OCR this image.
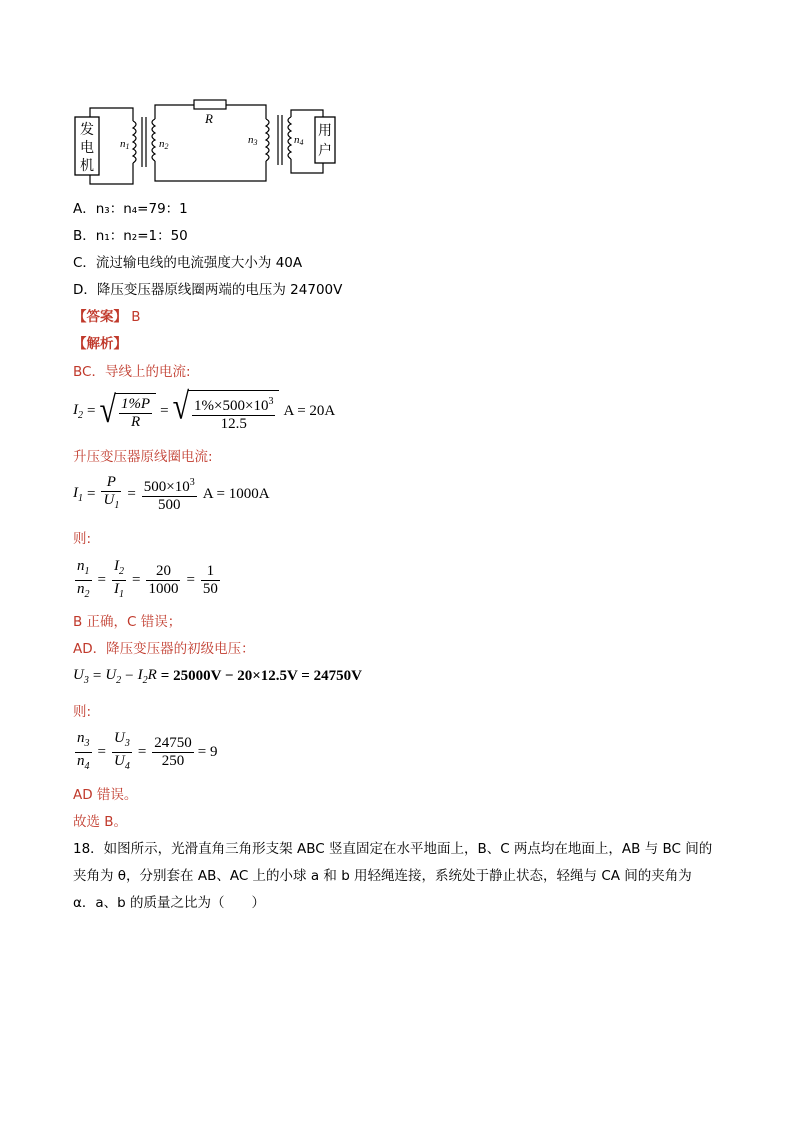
发
电
机
n1	n2
R
n3	n4
用
户
A．n₃：n₄=79：1
B．n₁：n₂=1：50
C．流过输电线的电流强度大小为 40A
D．降压变压器原线圈两端的电压为 24700V
【答案】 B
【解析】
BC．导线上的电流:
$I_2$ = √ $\frac{1\%P}{R}$ = √ $\frac{1\%\times 500\times 10^3}{12.5}$ A = 20A
升压变压器原线圈电流:
$I_1 = \frac{P}{U_1} = \frac{500\times 10^3}{500}$ A = 1000A
则:
$\frac{n_1}{n_2} = \frac{I_2}{I_1} = \frac{20}{1000} = \frac{1}{50}$
B 正确，C 错误；
AD．降压变压器的初级电压：
$U_3 = U_2 - I_2R = 25000V - 20\times 12.5V = 24750V$
则:
$\frac{n_3}{n_4} = \frac{U_3}{U_4} = \frac{24750}{250} = 9$
AD 错误。
故选 B。
18．如图所示，光滑直角三角形支架 ABC 竖直固定在水平地面上，B、C 两点均在地面上，AB 与 BC 间的
夹角为 θ，分别套在 AB、AC 上的小球 a 和 b 用轻绳连接，系统处于静止状态，轻绳与 CA 间的夹角为
α．a、b 的质量之比为（　　）
